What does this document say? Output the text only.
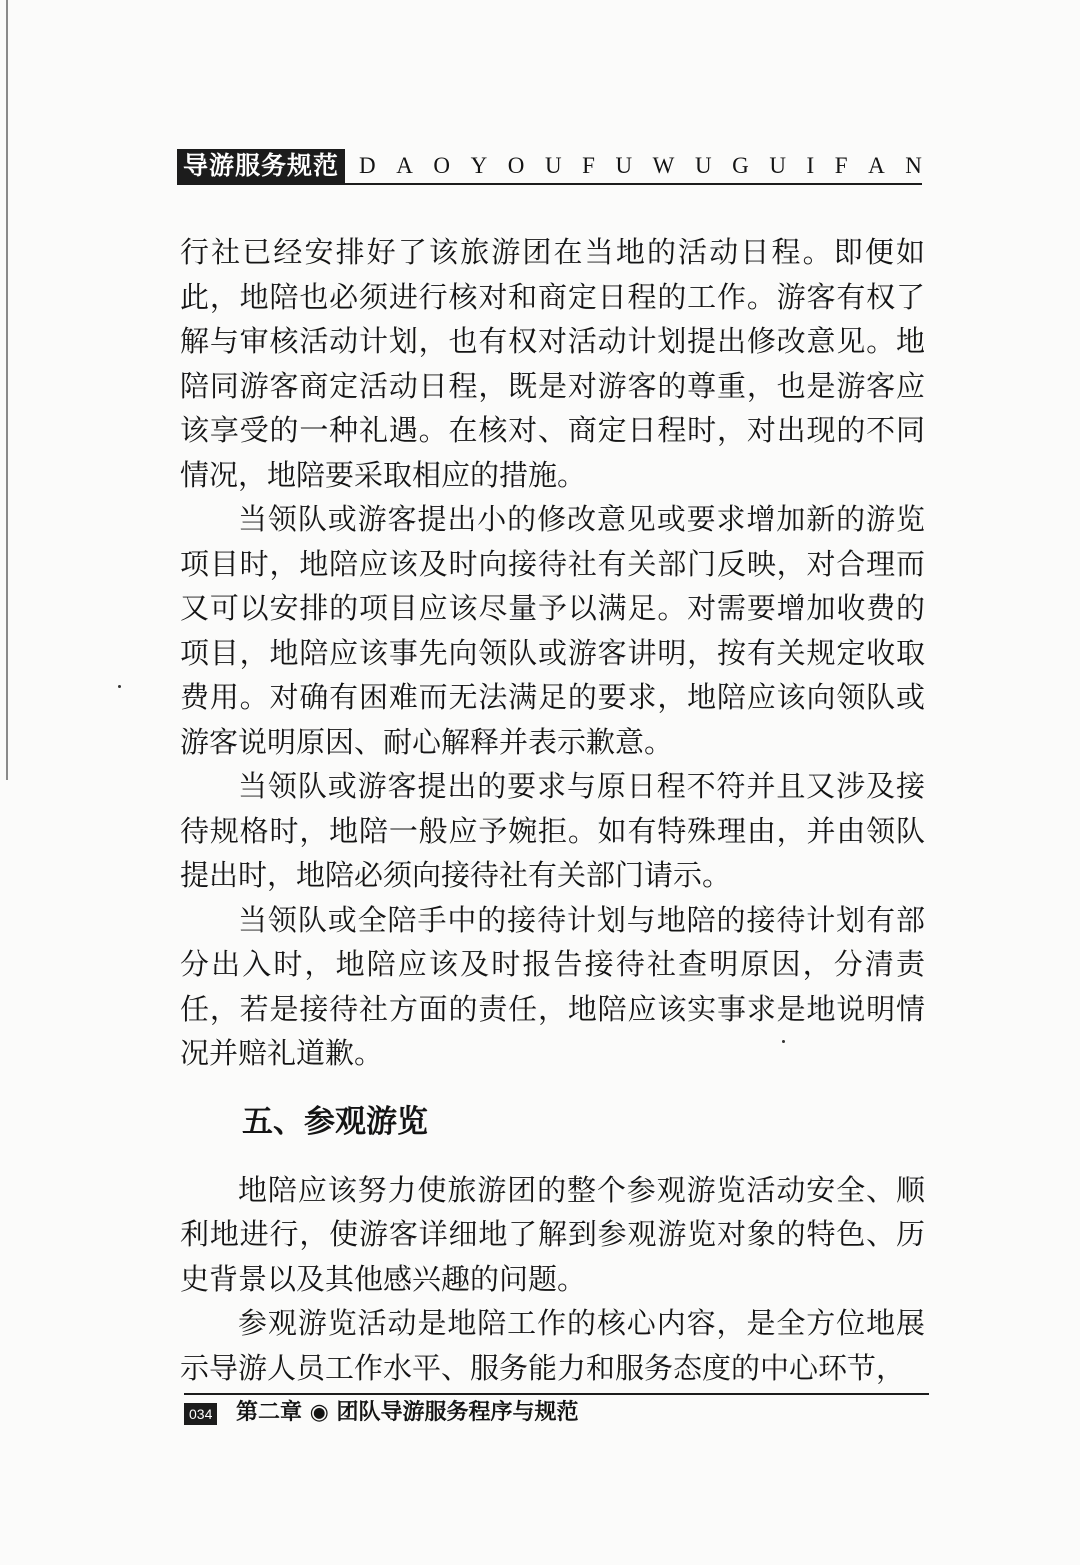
导游服务规范 D A O Y O U F U W U G U I F A N

行社已经安排好了该旅游团在当地的活动日程。即便如此，地陪也必须进行核对和商定日程的工作。游客有权了解与审核活动计划，也有权对活动计划提出修改意见。地陪同游客商定活动日程，既是对游客的尊重，也是游客应该享受的一种礼遇。在核对、商定日程时，对出现的不同情况，地陪要采取相应的措施。

当领队或游客提出小的修改意见或要求增加新的游览项目时，地陪应该及时向接待社有关部门反映，对合理而又可以安排的项目应该尽量予以满足。对需要增加收费的项目，地陪应该事先向领队或游客讲明，按有关规定收取费用。对确有困难而无法满足的要求，地陪应该向领队或游客说明原因、耐心解释并表示歉意。

当领队或游客提出的要求与原日程不符并且又涉及接待规格时，地陪一般应予婉拒。如有特殊理由，并由领队提出时，地陪必须向接待社有关部门请示。

当领队或全陪手中的接待计划与地陪的接待计划有部分出入时，地陪应该及时报告接待社查明原因，分清责任，若是接待社方面的责任，地陪应该实事求是地说明情况并赔礼道歉。

五、参观游览

地陪应该努力使旅游团的整个参观游览活动安全、顺利地进行，使游客详细地了解到参观游览对象的特色、历史背景以及其他感兴趣的问题。

参观游览活动是地陪工作的核心内容，是全方位地展示导游人员工作水平、服务能力和服务态度的中心环节，

034 第二章 ◉ 团队导游服务程序与规范
